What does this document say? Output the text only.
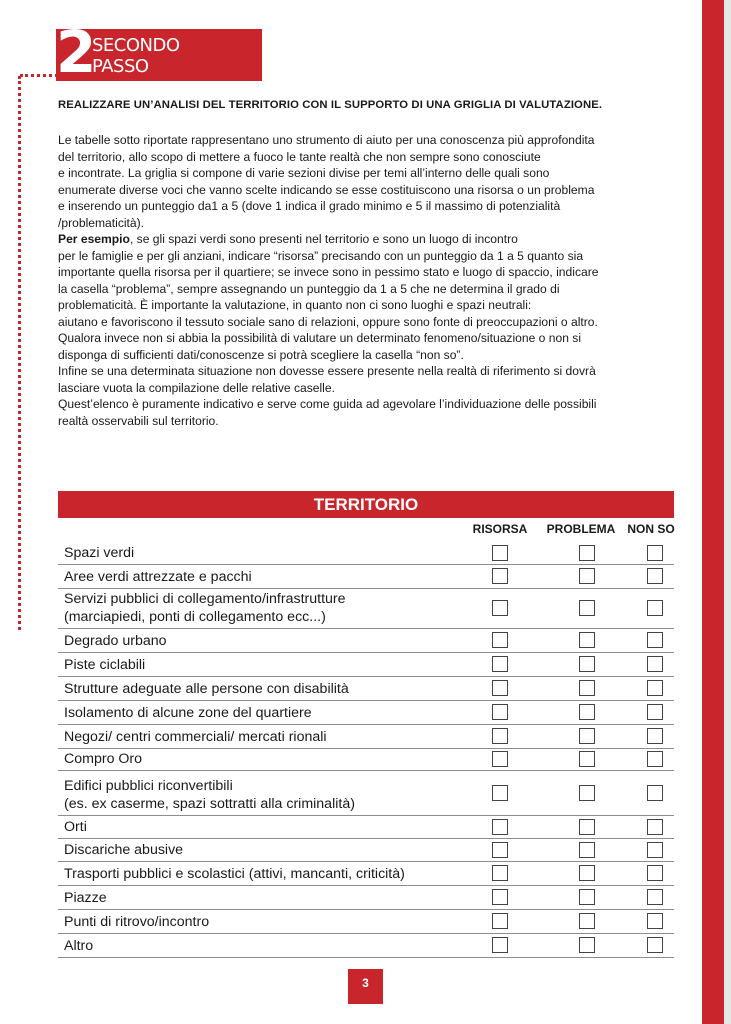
2
SECONDO
PASSO
REALIZZARE UN’ANALISI DEL TERRITORIO CON IL SUPPORTO DI UNA GRIGLIA DI VALUTAZIONE.

Le tabelle sotto riportate rappresentano uno strumento di aiuto per una conoscenza più approfondita

del territorio, allo scopo di mettere a fuoco le tante realtà che non sempre sono conosciute

e incontrate. La griglia si compone di varie sezioni divise per temi all’interno delle quali sono

enumerate diverse voci che vanno scelte indicando se esse costituiscono una risorsa o un problema

e inserendo un punteggio da1 a 5 (dove 1 indica il grado minimo e 5 il massimo di potenzialità

/problematicità).

Per esempio, se gli spazi verdi sono presenti nel territorio e sono un luogo di incontro

per le famiglie e per gli anziani, indicare “risorsa” precisando con un punteggio da 1 a 5 quanto sia

importante quella risorsa per il quartiere; se invece sono in pessimo stato e luogo di spaccio, indicare

la casella “problema”, sempre assegnando un punteggio da 1 a 5 che ne determina il grado di

problematicità. È importante la valutazione, in quanto non ci sono luoghi e spazi neutrali:

aiutano e favoriscono il tessuto sociale sano di relazioni, oppure sono fonte di preoccupazioni o altro.

Qualora invece non si abbia la possibilità di valutare un determinato fenomeno/situazione o non si

disponga di sufficienti dati/conoscenze si potrà scegliere la casella “non so”.

Infine se una determinata situazione non dovesse essere presente nella realtà di riferimento si dovrà

lasciare vuota la compilazione delle relative caselle.

Quest’elenco è puramente indicativo e serve come guida ad agevolare l’individuazione delle possibili

realtà osservabili sul territorio.

TERRITORIO
RISORSA	PROBLEMA	NON SO
Spazi verdi
Aree verdi attrezzate e pacchi
Servizi pubblici di collegamento/infrastrutture
(marciapiedi, ponti di collegamento ecc...)
Degrado urbano
Piste ciclabili
Strutture adeguate alle persone con disabilità
Isolamento di alcune zone del quartiere
Negozi/ centri commerciali/ mercati rionali
Compro Oro
Edifici pubblici riconvertibili
(es. ex caserme, spazi sottratti alla criminalità)
Orti
Discariche abusive
Trasporti pubblici e scolastici (attivi, mancanti, criticità)
Piazze
Punti di ritrovo/incontro
Altro
3
